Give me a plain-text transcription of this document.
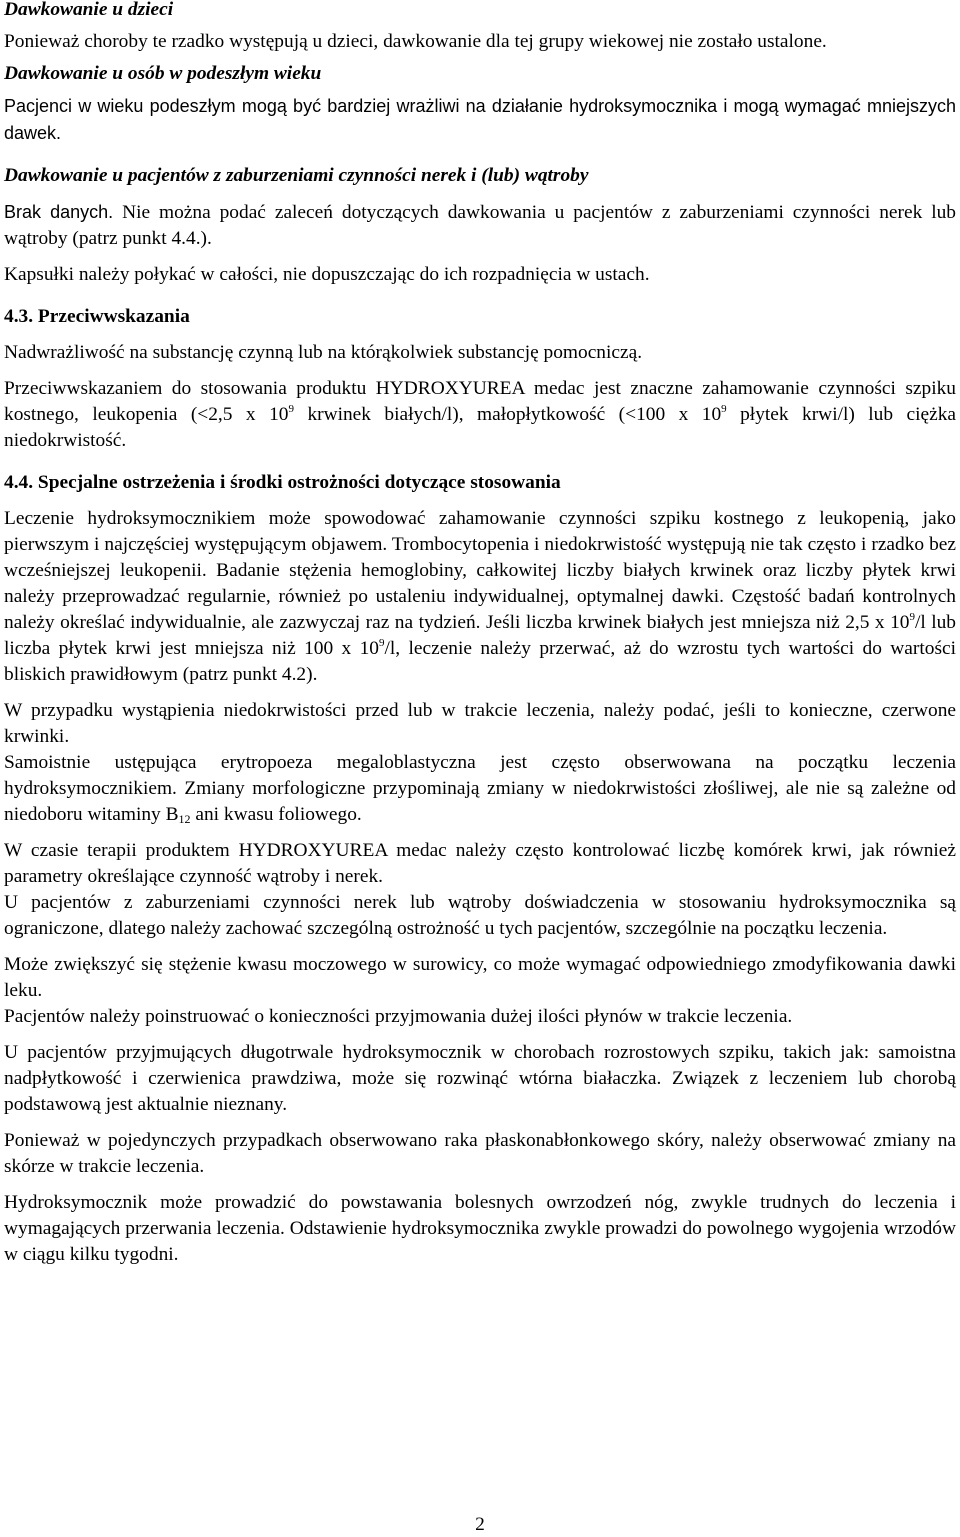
Dawkowanie u dzieci

Ponieważ choroby te rzadko występują u dzieci, dawkowanie dla tej grupy wiekowej nie zostało ustalone.

Dawkowanie u osób w podeszłym wieku

Pacjenci w wieku podeszłym mogą być bardziej wrażliwi na działanie hydroksymocznika i mogą wymagać mniejszych dawek.

Dawkowanie u pacjentów z zaburzeniami czynności nerek i (lub) wątroby

Brak danych. Nie można podać zaleceń dotyczących dawkowania u pacjentów z zaburzeniami czynności nerek lub wątroby (patrz punkt 4.4.).

Kapsułki należy połykać w całości, nie dopuszczając do ich rozpadnięcia w ustach.

4.3. Przeciwwskazania

Nadwrażliwość na substancję czynną lub na którąkolwiek substancję pomocniczą.

Przeciwwskazaniem do stosowania produktu HYDROXYUREA medac jest znaczne zahamowanie czynności szpiku kostnego, leukopenia (<2,5 x $10^9$ krwinek białych/l), małopłytkowość (<100 x $10^9$ płytek krwi/l) lub ciężka niedokrwistość.

4.4. Specjalne ostrzeżenia i środki ostrożności dotyczące stosowania

Leczenie hydroksymocznikiem może spowodować zahamowanie czynności szpiku kostnego z leukopenią, jako pierwszym i najczęściej występującym objawem. Trombocytopenia i niedokrwistość występują nie tak często i rzadko bez wcześniejszej leukopenii. Badanie stężenia hemoglobiny, całkowitej liczby białych krwinek oraz liczby płytek krwi należy przeprowadzać regularnie, również po ustaleniu indywidualnej, optymalnej dawki. Częstość badań kontrolnych należy określać indywidualnie, ale zazwyczaj raz na tydzień. Jeśli liczba krwinek białych jest mniejsza niż 2,5 x $10^9/l$ lub liczba płytek krwi jest mniejsza niż 100 x $10^9/l$, leczenie należy przerwać, aż do wzrostu tych wartości do wartości bliskich prawidłowym (patrz punkt 4.2).

W przypadku wystąpienia niedokrwistości przed lub w trakcie leczenia, należy podać, jeśli to konieczne, czerwone krwinki.

Samoistnie ustępująca erytropoeza megaloblastyczna jest często obserwowana na początku leczenia hydroksymocznikiem. Zmiany morfologiczne przypominają zmiany w niedokrwistości złośliwej, ale nie są zależne od niedoboru witaminy $B_{12}$ ani kwasu foliowego.

W czasie terapii produktem HYDROXYUREA medac należy często kontrolować liczbę komórek krwi, jak również parametry określające czynność wątroby i nerek.

U pacjentów z zaburzeniami czynności nerek lub wątroby doświadczenia w stosowaniu hydroksymocznika są ograniczone, dlatego należy zachować szczególną ostrożność u tych pacjentów, szczególnie na początku leczenia.

Może zwiększyć się stężenie kwasu moczowego w surowicy, co może wymagać odpowiedniego zmodyfikowania dawki leku.

Pacjentów należy poinstruować o konieczności przyjmowania dużej ilości płynów w trakcie leczenia.

U pacjentów przyjmujących długotrwale hydroksymocznik w chorobach rozrostowych szpiku, takich jak: samoistna nadpłytkowość i czerwienica prawdziwa, może się rozwinąć wtórna białaczka. Związek z leczeniem lub chorobą podstawową jest aktualnie nieznany.

Ponieważ w pojedynczych przypadkach obserwowano raka płaskonabłonkowego skóry, należy obserwować zmiany na skórze w trakcie leczenia.

Hydroksymocznik może prowadzić do powstawania bolesnych owrzodzeń nóg, zwykle trudnych do leczenia i wymagających przerwania leczenia. Odstawienie hydroksymocznika zwykle prowadzi do powolnego wygojenia wrzodów w ciągu kilku tygodni.

2
